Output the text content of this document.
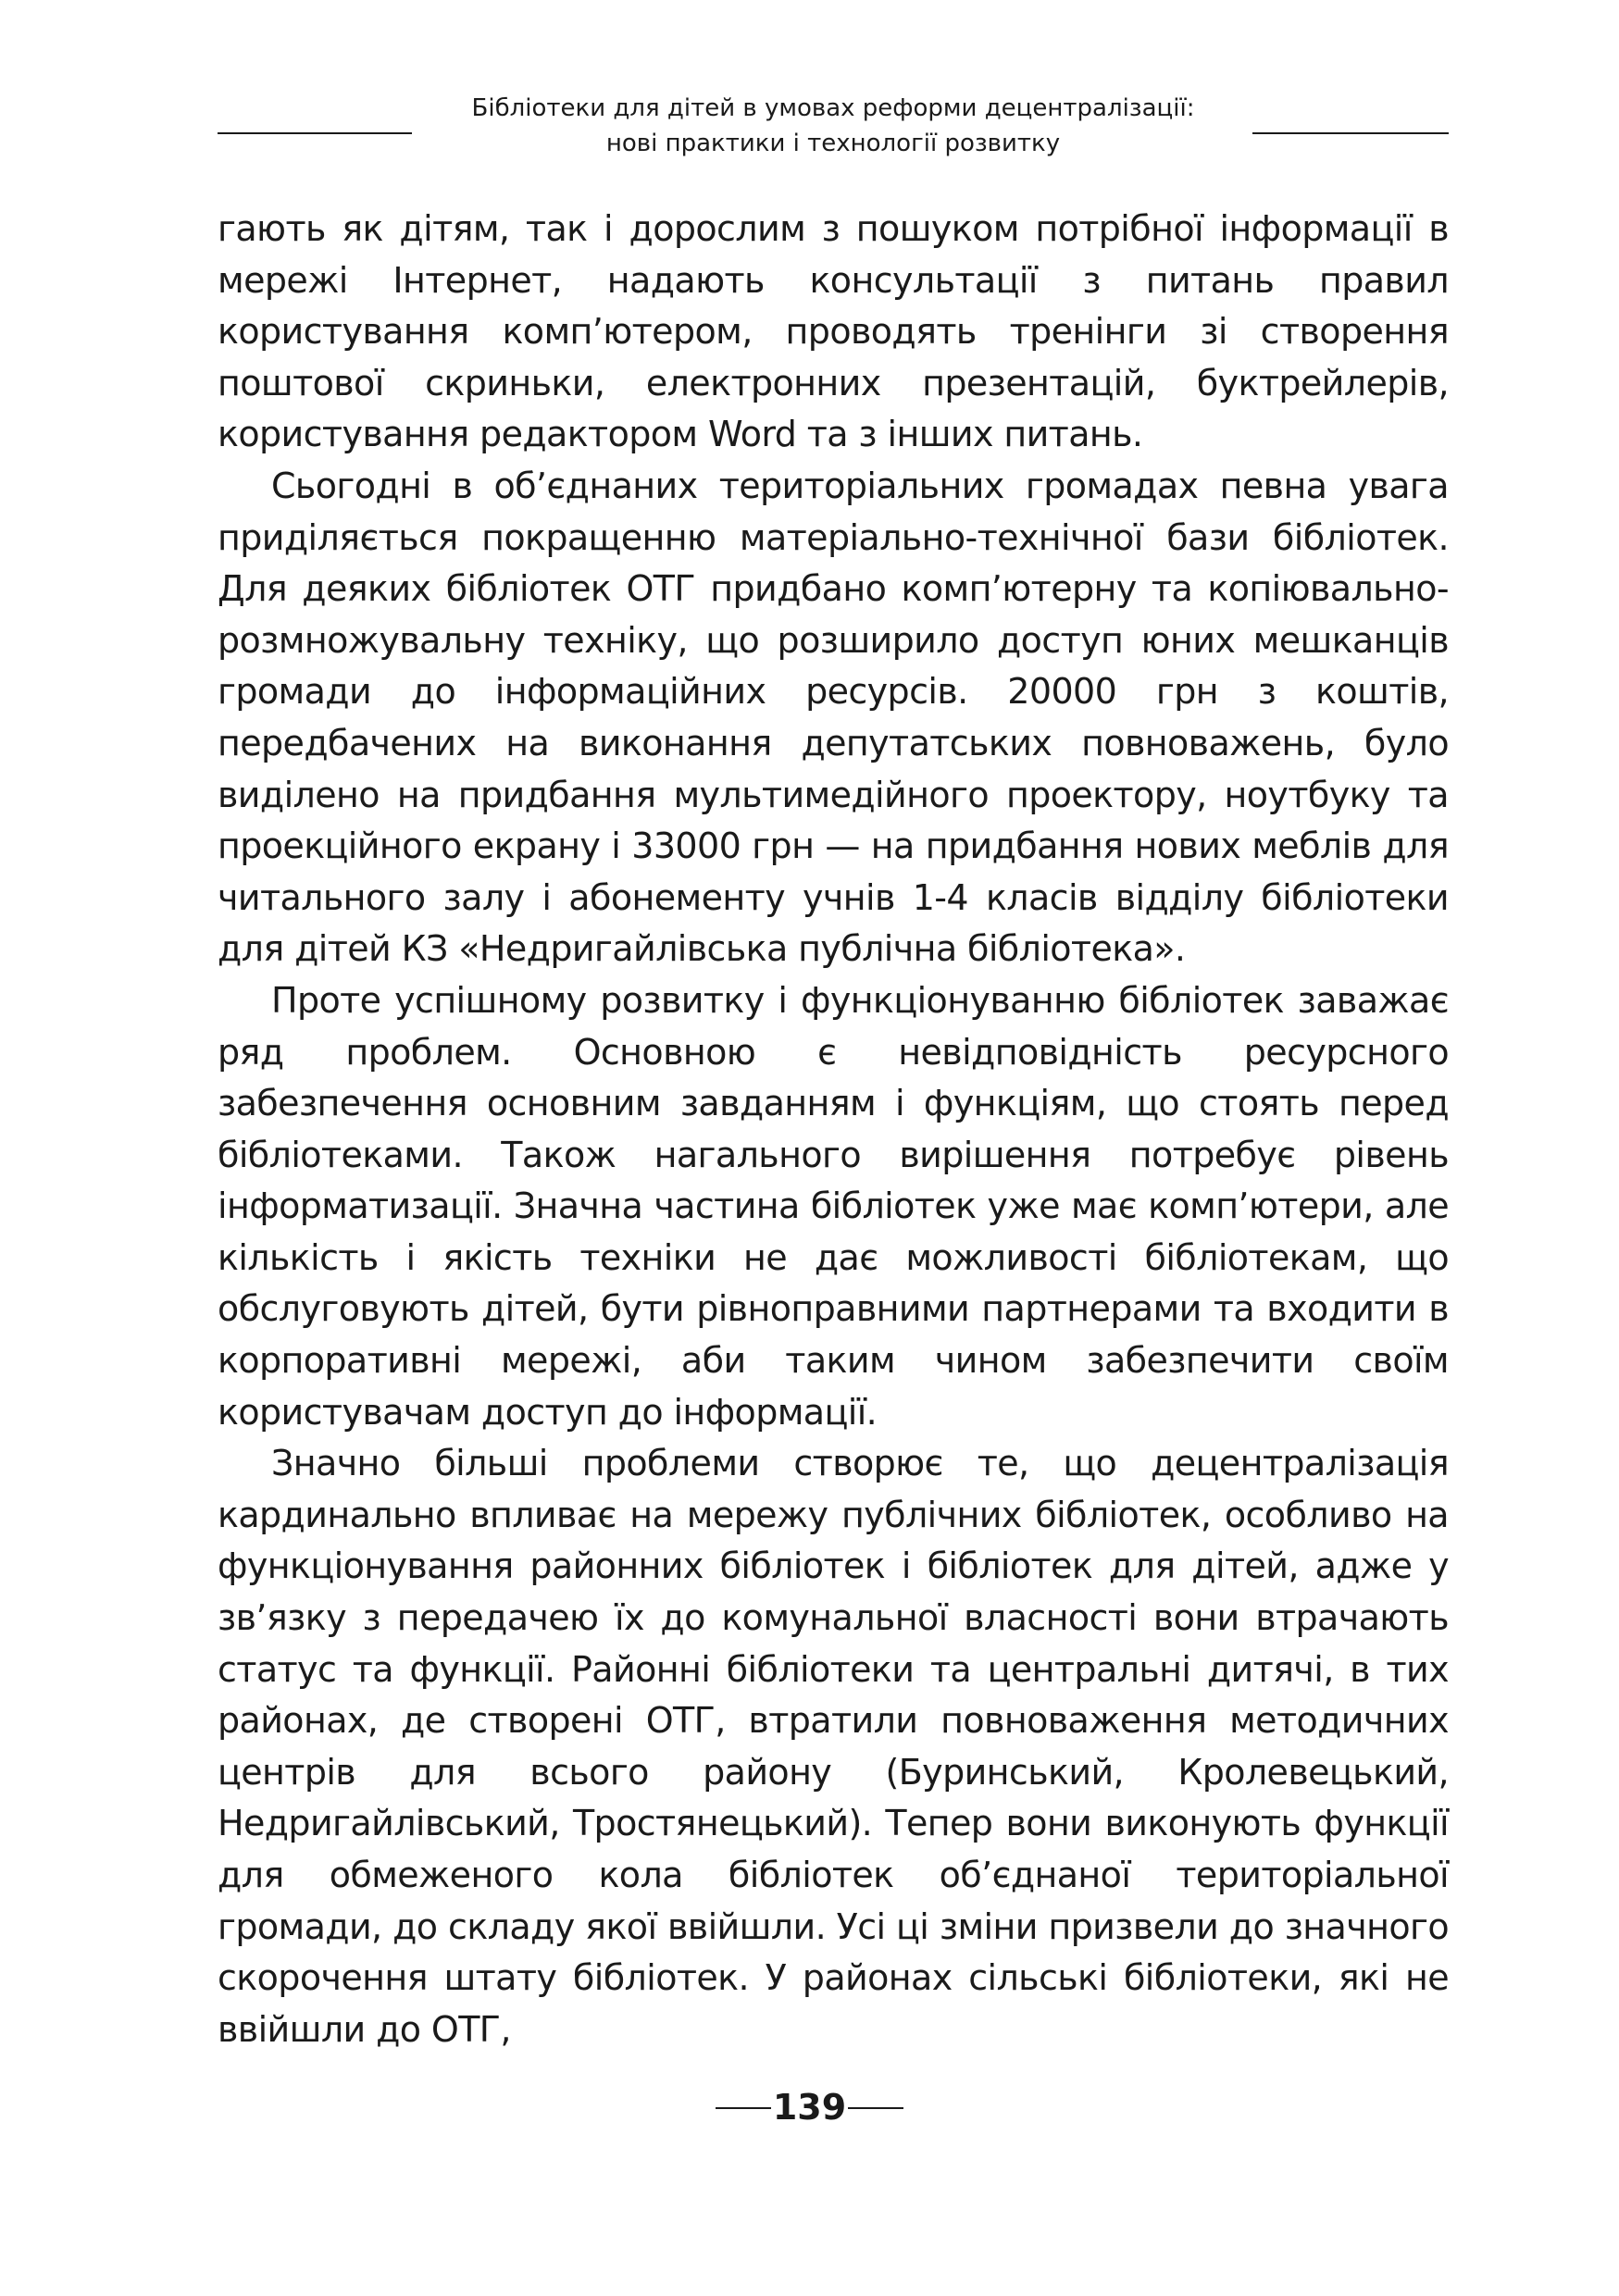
Бібліотеки для дітей в умовах реформи децентралізації:
нові практики і технології розвитку

гають як дітям, так і дорослим з пошуком потрібної інформації в мережі Інтернет, надають консультації з питань правил користування комп’ютером, проводять тренінги зі створення поштової скриньки, електронних презентацій, буктрейлерів, користування редактором Word та з інших питань.

Сьогодні в об’єднаних територіальних громадах певна увага приділяється покращенню матеріально-технічної бази бібліотек. Для деяких бібліотек ОТГ придбано комп’ютерну та копіювально-розмножувальну техніку, що розширило доступ юних мешканців громади до інформаційних ресурсів. 20000 грн з коштів, передбачених на виконання депутатських повноважень, було виділено на придбання мультимедійного проектору, ноутбуку та проекційного екрану і 33000 грн — на придбання нових меблів для читального залу і абонементу учнів 1-4 класів відділу бібліотеки для дітей КЗ «Недригайлівська публічна бібліотека».

Проте успішному розвитку і функціонуванню бібліотек заважає ряд проблем. Основною є невідповідність ресурсного забезпечення основним завданням і функціям, що стоять перед бібліотеками. Також нагального вирішення потребує рівень інформатизації. Значна частина бібліотек уже має комп’ютери, але кількість і якість техніки не дає можливості бібліотекам, що обслуговують дітей, бути рівноправними партнерами та входити в корпоративні мережі, аби таким чином забезпечити своїм користувачам доступ до інформації.

Значно більші проблеми створює те, що децентралізація кардинально впливає на мережу публічних бібліотек, особливо на функціонування районних бібліотек і бібліотек для дітей, адже у зв’язку з передачею їх до комунальної власності вони втрачають статус та функції. Районні бібліотеки та центральні дитячі, в тих районах, де створені ОТГ, втратили повноваження методичних центрів для всього району (Буринський, Кролевецький, Недригайлівський, Тростянецький). Тепер вони виконують функції для обмеженого кола бібліотек об’єднаної територіальної громади, до складу якої ввійшли. Усі ці зміни призвели до значного скорочення штату бібліотек. У районах сільські бібліотеки, які не ввійшли до ОТГ,

139
